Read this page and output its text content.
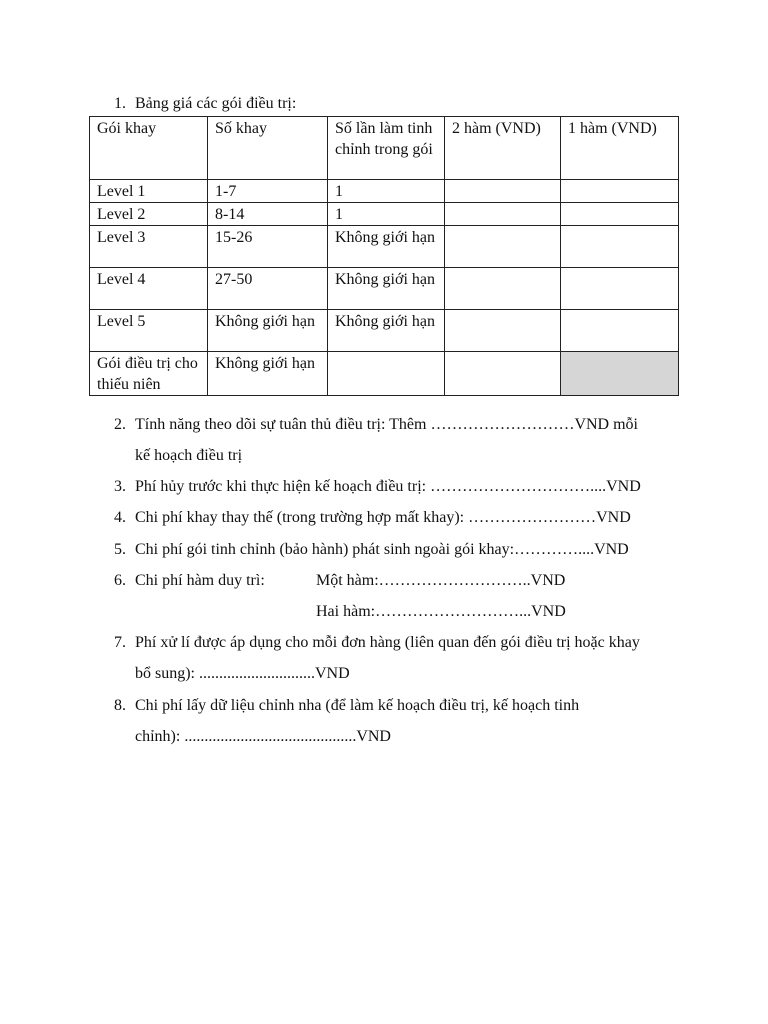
1. Bảng giá các gói điều trị:
Gói khay	Số khay	Số lần làm tinh chỉnh trong gói	2 hàm (VND)	1 hàm (VND)
Level 1	1-7	1		
Level 2	8-14	1		
Level 3	15-26	Không giới hạn		
Level 4	27-50	Không giới hạn		
Level 5	Không giới hạn	Không giới hạn		
Gói điều trị cho thiếu niên	Không giới hạn			
2. Tính năng theo dõi sự tuân thủ điều trị: Thêm ………………………VND mỗi
kế hoạch điều trị
3. Phí hủy trước khi thực hiện kế hoạch điều trị: …………………………....VND
4. Chi phí khay thay thế (trong trường hợp mất khay): ……………………VND
5. Chi phí gói tinh chỉnh (bảo hành) phát sinh ngoài gói khay:…………....VND
6. Chi phí hàm duy trì:	Một hàm:………………………..VND
Hai hàm:………………………...VND
7. Phí xử lí được áp dụng cho mỗi đơn hàng (liên quan đến gói điều trị hoặc khay
bổ sung): .............................VND
8. Chi phí lấy dữ liệu chỉnh nha (để làm kế hoạch điều trị, kế hoạch tinh
chỉnh): ...........................................VND
